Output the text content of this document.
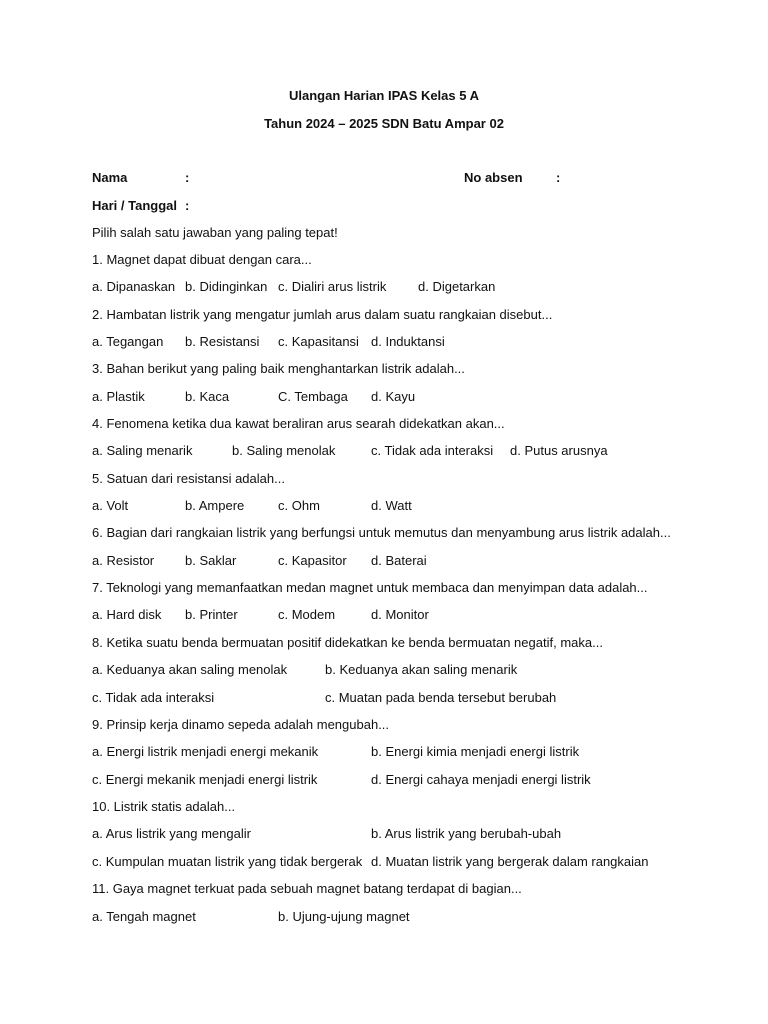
Ulangan Harian IPAS Kelas 5 A
Tahun 2024 – 2025 SDN Batu Ampar 02
Nama	:	No absen	:
Hari / Tanggal :
Pilih salah satu jawaban yang paling tepat!
1. Magnet dapat dibuat dengan cara...
a. Dipanaskan b. Didinginkan c. Dialiri arus listrik d. Digetarkan
2. Hambatan listrik yang mengatur jumlah arus dalam suatu rangkaian disebut...
a. Tegangan b. Resistansi c. Kapasitansi d. Induktansi
3. Bahan berikut yang paling baik menghantarkan listrik adalah...
a. Plastik	b. Kaca	C. Tembaga d. Kayu
4. Fenomena ketika dua kawat beraliran arus searah didekatkan akan...
a. Saling menarik	b. Saling menolak	c. Tidak ada interaksi d. Putus arusnya
5. Satuan dari resistansi adalah...
a. Volt	b. Ampere	c. Ohm	d. Watt
6. Bagian dari rangkaian listrik yang berfungsi untuk memutus dan menyambung arus listrik adalah...
a. Resistor b. Saklar	c. Kapasitor d. Baterai
7. Teknologi yang memanfaatkan medan magnet untuk membaca dan menyimpan data adalah...
a. Hard disk b. Printer	c. Modem	d. Monitor
8. Ketika suatu benda bermuatan positif didekatkan ke benda bermuatan negatif, maka...
a. Keduanya akan saling menolak	b. Keduanya akan saling menarik
c. Tidak ada interaksi	c. Muatan pada benda tersebut berubah
9. Prinsip kerja dinamo sepeda adalah mengubah...
a. Energi listrik menjadi energi mekanik	b. Energi kimia menjadi energi listrik
c. Energi mekanik menjadi energi listrik	d. Energi cahaya menjadi energi listrik
10. Listrik statis adalah...
a. Arus listrik yang mengalir	b. Arus listrik yang berubah-ubah
c. Kumpulan muatan listrik yang tidak bergerak d. Muatan listrik yang bergerak dalam rangkaian
11. Gaya magnet terkuat pada sebuah magnet batang terdapat di bagian...
a. Tengah magnet	b. Ujung-ujung magnet
